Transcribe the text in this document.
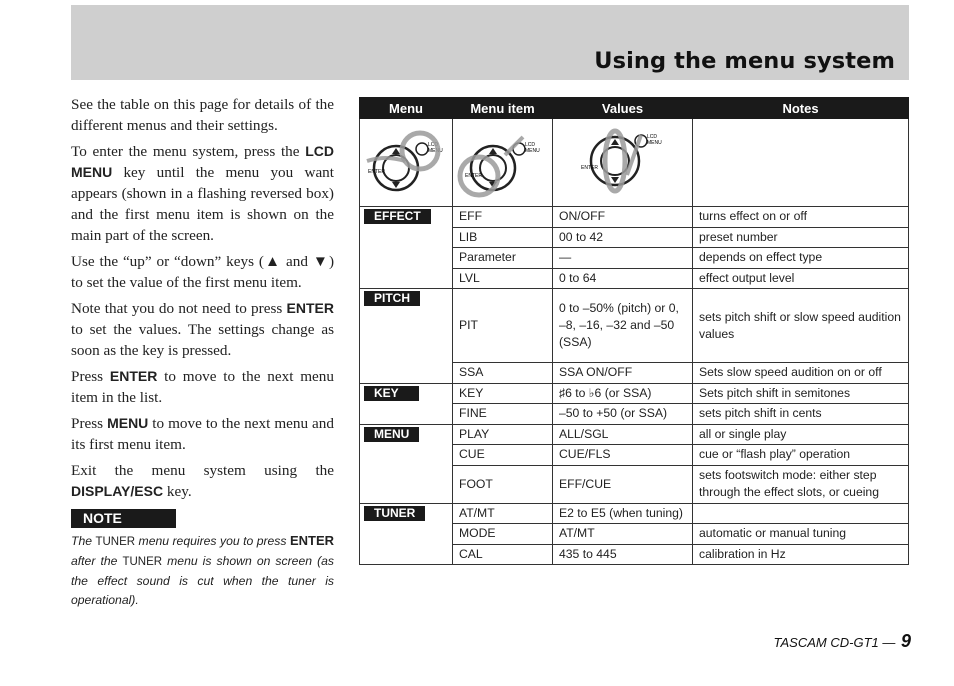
Using the menu system

See the table on this page for details of the different menus and their settings.

To enter the menu system, press the LCD MENU key until the menu you want appears (shown in a flashing reversed box) and the first menu item is shown on the main part of the screen.

Use the “up” or “down” keys (▲ and ▼) to set the value of the first menu item.

Note that you do not need to press ENTER to set the values. The settings change as soon as the key is pressed.

Press ENTER to move to the next menu item in the list.

Press MENU to move to the next menu and its first menu item.

Exit the menu system using the DISPLAY/ESC key.

NOTE

The TUNER menu requires you to press ENTER after the TUNER menu is shown on screen (as the effect sound is cut when the tuner is operational).

Menu	Menu item	Values	Notes

LCD
MENU
ENTER	LCD
MENU
ENTER	LCD
MENU
ENTER	

EFFECT	EFF	ON/OFF	turns effect on or off
	LIB	00 to 42	preset number
	Parameter	—	depends on effect type
	LVL	0 to 64	effect output level
PITCH	PIT	0 to –50% (pitch) or 0, –8, –16, –32 and –50 (SSA)	sets pitch shift or slow speed audition values
	SSA	SSA ON/OFF	Sets slow speed audition on or off
KEY	KEY	♯6 to ♭6 (or SSA)	Sets pitch shift in semitones
	FINE	–50 to +50 (or SSA)	sets pitch shift in cents
MENU	PLAY	ALL/SGL	all or single play
	CUE	CUE/FLS	cue or “flash play” operation
	FOOT	EFF/CUE	sets footswitch mode: either step through the effect slots, or cueing
TUNER	AT/MT	E2 to E5 (when tuning)	
	MODE	AT/MT	automatic or manual tuning
	CAL	435 to 445	calibration in Hz
TASCAM CD-GT1 — 9
